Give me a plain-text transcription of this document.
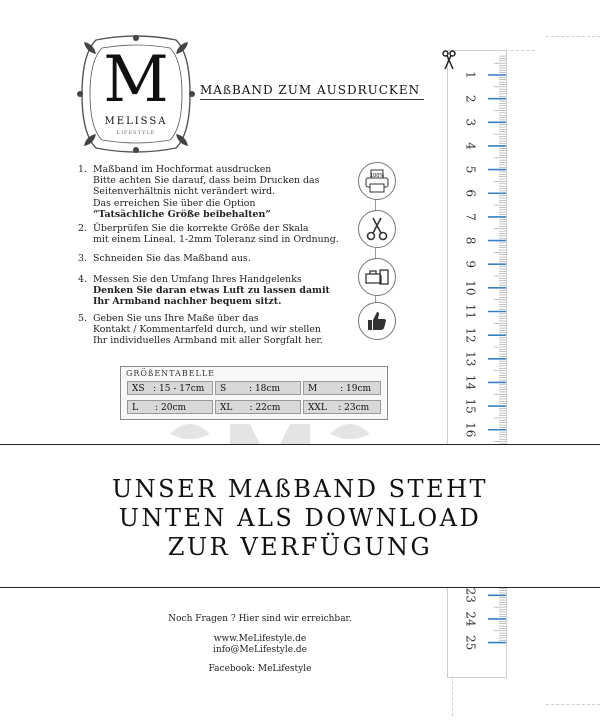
M
MELISSA
LIFESTYLE
MAßBAND ZUM AUSDRUCKEN
1. Maßband im Hochformat ausdrucken
Bitte achten Sie darauf, dass beim Drucken das
Seitenverhältnis nicht verändert wird.
Das erreichen Sie über die Option
“Tatsächliche Größe beibehalten”
2. Überprüfen Sie die korrekte Größe der Skala
mit einem Lineal. 1-2mm Toleranz sind in Ordnung.
3. Schneiden Sie das Maßband aus.
4. Messen Sie den Umfang Ihres Handgelenks
Denken Sie daran etwas Luft zu lassen damit
Ihr Armband nachher bequem sitzt.
5. Geben Sie uns Ihre Maße über das
Kontakt / Kommentarfeld durch, und wir stellen
Ihr individuelles Armband mit aller Sorgfalt her.
100%
GRÖßENTABELLE
XS   : 15 - 17cm	S        : 18cm	M        : 19cm
L      : 20cm	XL      : 22cm	XXL    : 23cm
1
2
3
4
5
6
7
8
9
10
11
12
13
14
15
16
23
24
25
UNSER MAßBAND STEHT
UNTEN ALS DOWNLOAD
ZUR VERFÜGUNG
Noch Fragen ? Hier sind wir erreichbar.
www.MeLifestyle.de
info@MeLifestyle.de
Facebook: MeLifestyle
